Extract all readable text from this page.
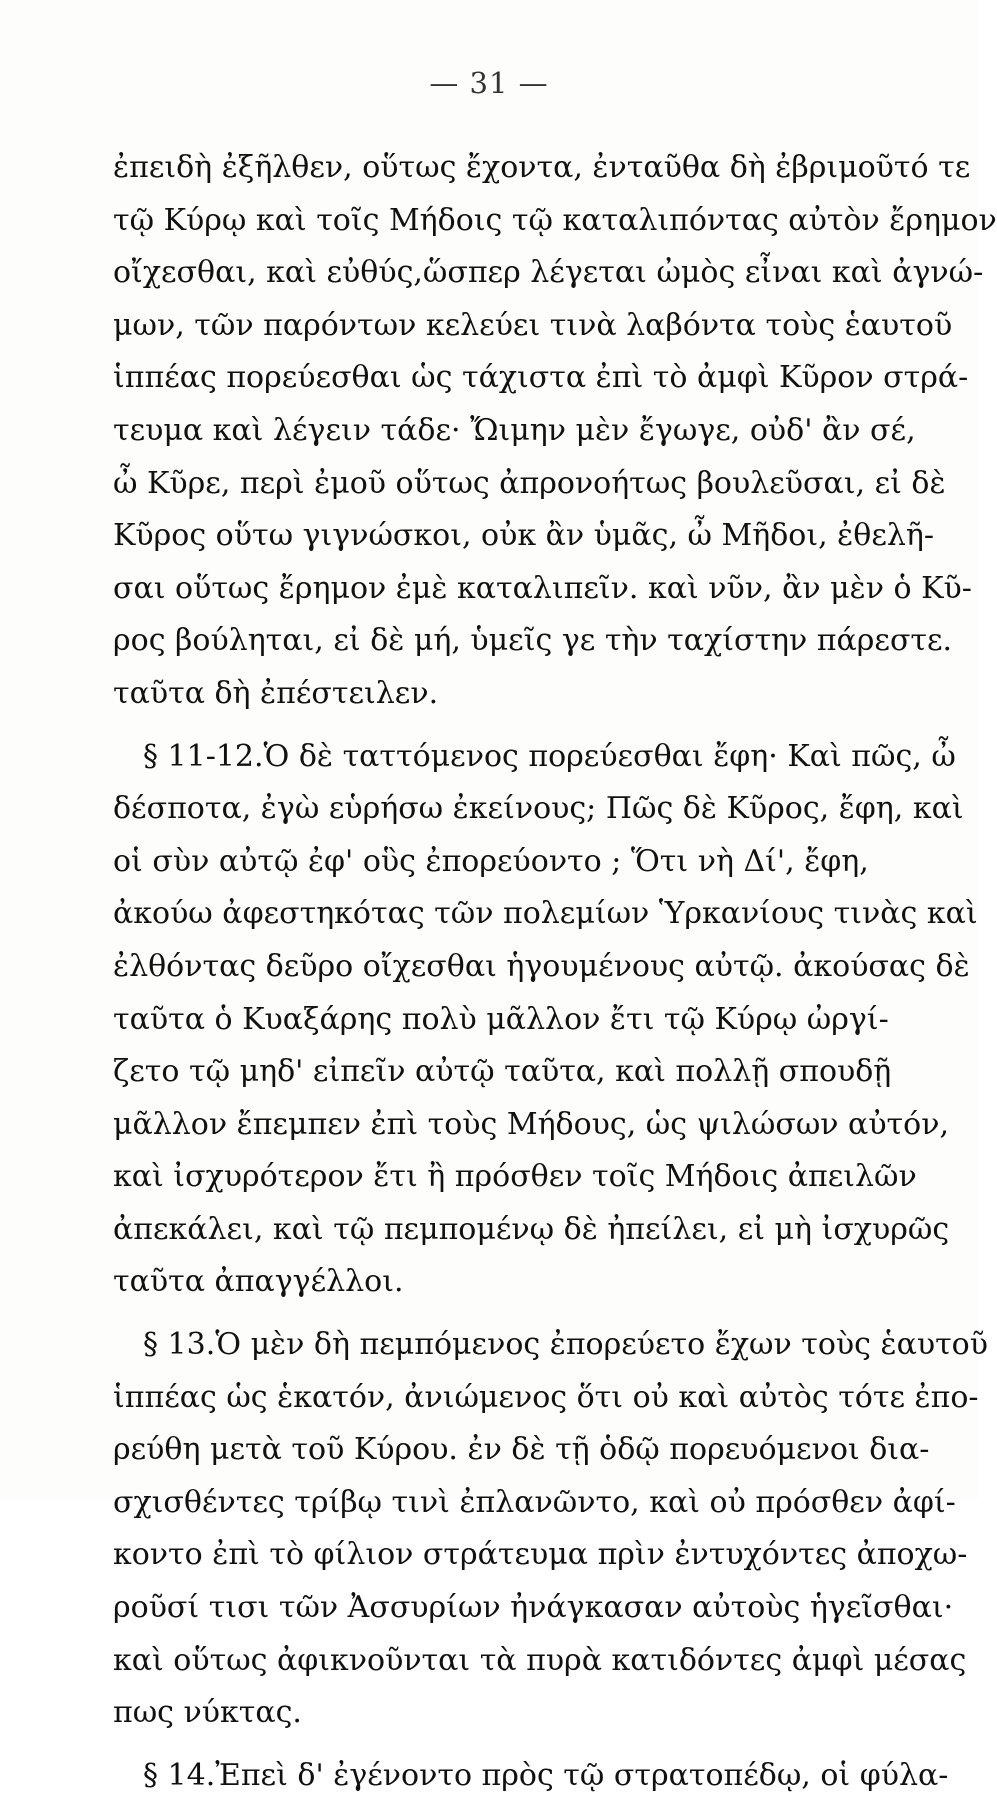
— 31 —
ἐπειδὴ ἐξῆλθεν, οὕτως ἔχοντα, ἐνταῦθα δὴ ἐβριμοῦτό τε
τῷ Κύρῳ καὶ τοῖς Μήδοις τῷ καταλιπόντας αὐτὸν ἔρημον
οἴχεσθαι, καὶ εὐθύς,ὥσπερ λέγεται ὠμὸς εἶναι καὶ ἀγνώ-
μων, τῶν παρόντων κελεύει τινὰ λαβόντα τοὺς ἑαυτοῦ
ἱππέας πορεύεσθαι ὡς τάχιστα ἐπὶ τὸ ἀμφὶ Κῦρον στρά-
τευμα καὶ λέγειν τάδε· Ὤιμην μὲν ἔγωγε, οὐδ' ἂν σέ,
ὦ Κῦρε, περὶ ἐμοῦ οὕτως ἀπρονοήτως βουλεῦσαι, εἰ δὲ
Κῦρος οὕτω γιγνώσκοι, οὐκ ἂν ὑμᾶς, ὦ Μῆδοι, ἐθελῆ-
σαι οὕτως ἔρημον ἐμὲ καταλιπεῖν. καὶ νῦν, ἂν μὲν ὁ Κῦ-
ρος βούληται, εἰ δὲ μή, ὑμεῖς γε τὴν ταχίστην πάρεστε.
ταῦτα δὴ ἐπέστειλεν.
§ 11-12.Ὁ δὲ ταττόμενος πορεύεσθαι ἔφη· Καὶ πῶς, ὦ
δέσποτα, ἐγὼ εὑρήσω ἐκείνους; Πῶς δὲ Κῦρος, ἔφη, καὶ
οἱ σὺν αὐτῷ ἐφ' οὓς ἐπορεύοντο ; Ὅτι νὴ Δί', ἔφη,
ἀκούω ἀφεστηκότας τῶν πολεμίων Ὑρκανίους τινὰς καὶ
ἐλθόντας δεῦρο οἴχεσθαι ἡγουμένους αὐτῷ. ἀκούσας δὲ
ταῦτα ὁ Κυαξάρης πολὺ μᾶλλον ἔτι τῷ Κύρῳ ὠργί-
ζετο τῷ μηδ' εἰπεῖν αὐτῷ ταῦτα, καὶ πολλῇ σπουδῇ
μᾶλλον ἔπεμπεν ἐπὶ τοὺς Μήδους, ὡς ψιλώσων αὐτόν,
καὶ ἰσχυρότερον ἔτι ἢ πρόσθεν τοῖς Μήδοις ἀπειλῶν
ἀπεκάλει, καὶ τῷ πεμπομένῳ δὲ ἠπείλει, εἰ μὴ ἰσχυρῶς
ταῦτα ἀπαγγέλλοι.
§ 13.Ὁ μὲν δὴ πεμπόμενος ἐπορεύετο ἔχων τοὺς ἑαυτοῦ
ἱππέας ὡς ἑκατόν, ἀνιώμενος ὅτι οὐ καὶ αὐτὸς τότε ἐπο-
ρεύθη μετὰ τοῦ Κύρου. ἐν δὲ τῇ ὁδῷ πορευόμενοι δια-
σχισθέντες τρίβῳ τινὶ ἐπλανῶντο, καὶ οὐ πρόσθεν ἀφί-
κοντο ἐπὶ τὸ φίλιον στράτευμα πρὶν ἐντυχόντες ἀποχω-
ροῦσί τισι τῶν Ἀσσυρίων ἠνάγκασαν αὐτοὺς ἡγεῖσθαι·
καὶ οὕτως ἀφικνοῦνται τὰ πυρὰ κατιδόντες ἀμφὶ μέσας
πως νύκτας.
§ 14.Ἐπεὶ δ' ἐγένοντο πρὸς τῷ στρατοπέδῳ, οἱ φύλα-
